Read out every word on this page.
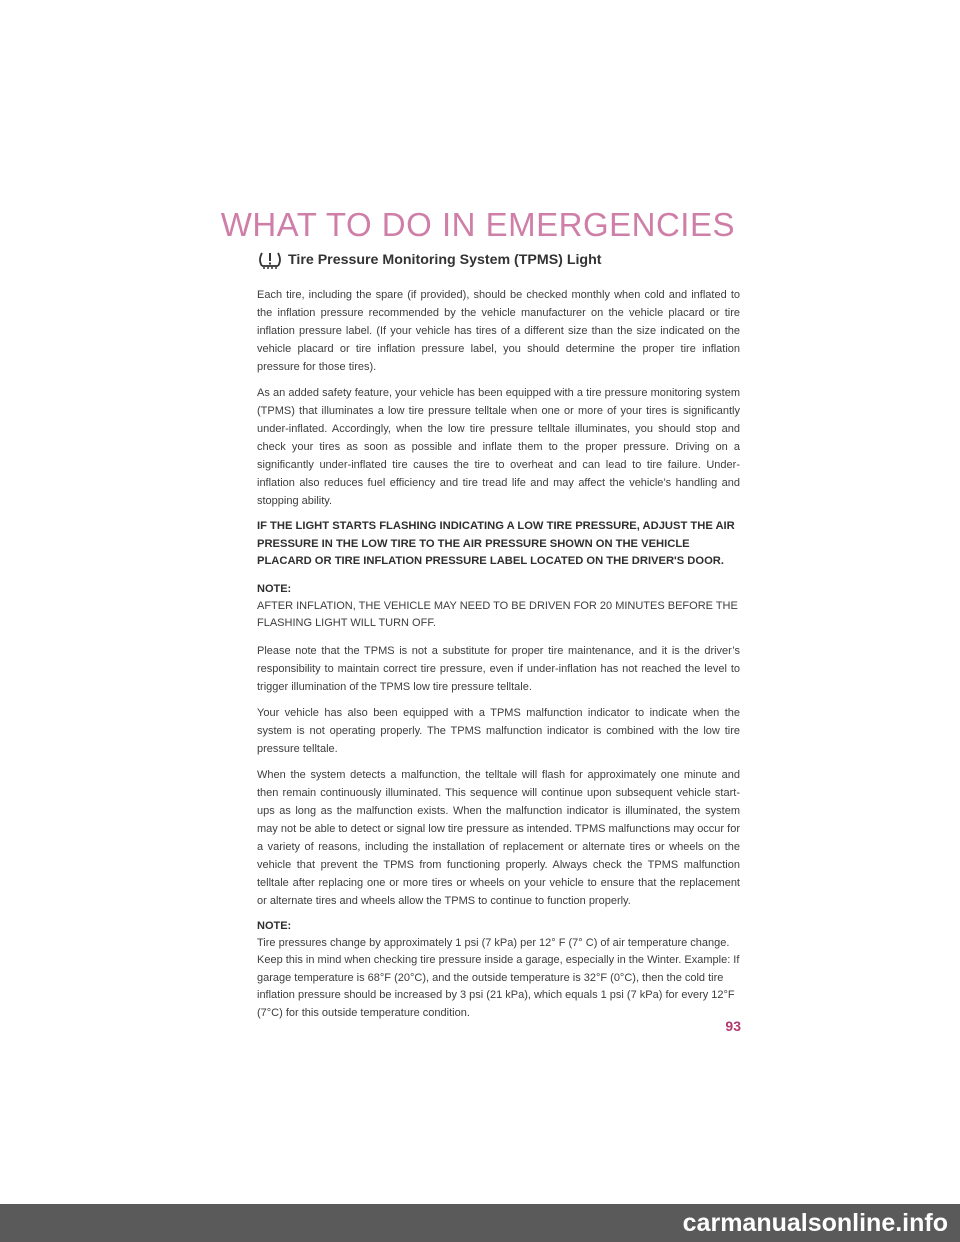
WHAT TO DO IN EMERGENCIES
Tire Pressure Monitoring System (TPMS) Light

Each tire, including the spare (if provided), should be checked monthly when cold and inflated to the inflation pressure recommended by the vehicle manufacturer on the vehicle placard or tire inflation pressure label. (If your vehicle has tires of a different size than the size indicated on the vehicle placard or tire inflation pressure label, you should determine the proper tire inflation pressure for those tires).

As an added safety feature, your vehicle has been equipped with a tire pressure monitoring system (TPMS) that illuminates a low tire pressure telltale when one or more of your tires is significantly under-inflated. Accordingly, when the low tire pressure telltale illuminates, you should stop and check your tires as soon as possible and inflate them to the proper pressure. Driving on a significantly under-inflated tire causes the tire to overheat and can lead to tire failure. Under-inflation also reduces fuel efficiency and tire tread life and may affect the vehicle’s handling and stopping ability.

IF THE LIGHT STARTS FLASHING INDICATING A LOW TIRE PRESSURE, ADJUST THE AIR PRESSURE IN THE LOW TIRE TO THE AIR PRESSURE SHOWN ON THE VEHICLE PLACARD OR TIRE INFLATION PRESSURE LABEL LOCATED ON THE DRIVER'S DOOR.

NOTE:

AFTER INFLATION, THE VEHICLE MAY NEED TO BE DRIVEN FOR 20 MINUTES BEFORE THE FLASHING LIGHT WILL TURN OFF.

Please note that the TPMS is not a substitute for proper tire maintenance, and it is the driver’s responsibility to maintain correct tire pressure, even if under-inflation has not reached the level to trigger illumination of the TPMS low tire pressure telltale.

Your vehicle has also been equipped with a TPMS malfunction indicator to indicate when the system is not operating properly. The TPMS malfunction indicator is combined with the low tire pressure telltale.

When the system detects a malfunction, the telltale will flash for approximately one minute and then remain continuously illuminated. This sequence will continue upon subsequent vehicle start-ups as long as the malfunction exists. When the malfunction indicator is illuminated, the system may not be able to detect or signal low tire pressure as intended. TPMS malfunctions may occur for a variety of reasons, including the installation of replacement or alternate tires or wheels on the vehicle that prevent the TPMS from functioning properly. Always check the TPMS malfunction telltale after replacing one or more tires or wheels on your vehicle to ensure that the replacement or alternate tires and wheels allow the TPMS to continue to function properly.

NOTE:

Tire pressures change by approximately 1 psi (7 kPa) per 12° F (7° C) of air temperature change. Keep this in mind when checking tire pressure inside a garage, especially in the Winter. Example: If garage temperature is 68°F (20°C), and the outside temperature is 32°F (0°C), then the cold tire inflation pressure should be increased by 3 psi (21 kPa), which equals 1 psi (7 kPa) for every 12°F (7°C) for this outside temperature condition.

93
carmanualsonline.info
